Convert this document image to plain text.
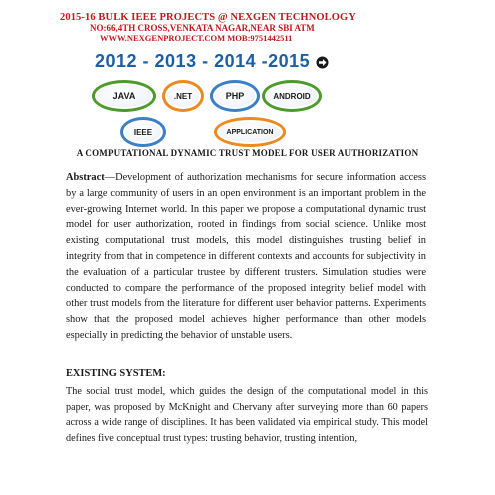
2015-16 BULK IEEE PROJECTS @ NEXGEN TECHNOLOGY
NO:66,4TH CROSS,VENKATA NAGAR,NEAR SBI ATM
WWW.NEXGENPROJECT.COM MOB:9751442511
2012 - 2013 - 2014 -2015
JAVA	.NET	PHP	ANDROID
IEEE	APPLICATION
A COMPUTATIONAL DYNAMIC TRUST MODEL FOR USER AUTHORIZATION
Abstract—Development of authorization mechanisms for secure information access by a large community of users in an open environment is an important problem in the ever-growing Internet world. In this paper we propose a computational dynamic trust model for user authorization, rooted in findings from social science. Unlike most existing computational trust models, this model distinguishes trusting belief in integrity from that in competence in different contexts and accounts for subjectivity in the evaluation of a particular trustee by different trusters. Simulation studies were conducted to compare the performance of the proposed integrity belief model with other trust models from the literature for different user behavior patterns. Experiments show that the proposed model achieves higher performance than other models especially in predicting the behavior of unstable users.
EXISTING SYSTEM:
The social trust model, which guides the design of the computational model in this paper, was proposed by McKnight and Chervany after surveying more than 60 papers across a wide range of disciplines. It has been validated via empirical study. This model defines five conceptual trust types: trusting behavior, trusting intention,
